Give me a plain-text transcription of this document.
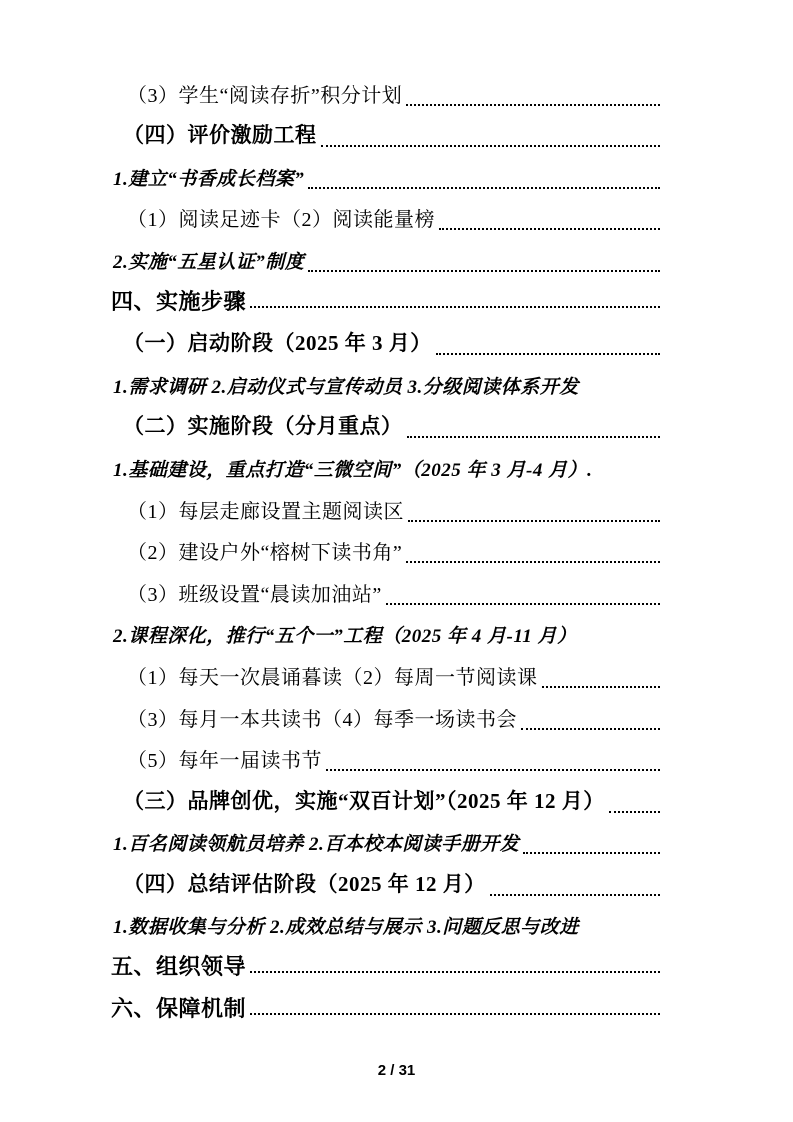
（3）学生“阅读存折”积分计划
（四）评价激励工程
1.建立“书香成长档案”
（1）阅读足迹卡（2）阅读能量榜
2.实施“五星认证”制度
四、实施步骤
（一）启动阶段（2025 年 3 月）
1.需求调研 2.启动仪式与宣传动员 3.分级阅读体系开发
（二）实施阶段（分月重点）
1.基础建设，重点打造“三微空间”（2025 年 3 月-4 月）.
（1）每层走廊设置主题阅读区
（2）建设户外“榕树下读书角”
（3）班级设置“晨读加油站”
2.课程深化，推行“五个一”工程（2025 年 4 月-11 月）
（1）每天一次晨诵暮读（2）每周一节阅读课
（3）每月一本共读书（4）每季一场读书会
（5）每年一届读书节
（三）品牌创优，实施“双百计划”（2025 年 12 月）
1.百名阅读领航员培养 2.百本校本阅读手册开发
（四）总结评估阶段（2025 年 12 月）
1.数据收集与分析 2.成效总结与展示 3.问题反思与改进
五、组织领导
六、保障机制
2 / 31
